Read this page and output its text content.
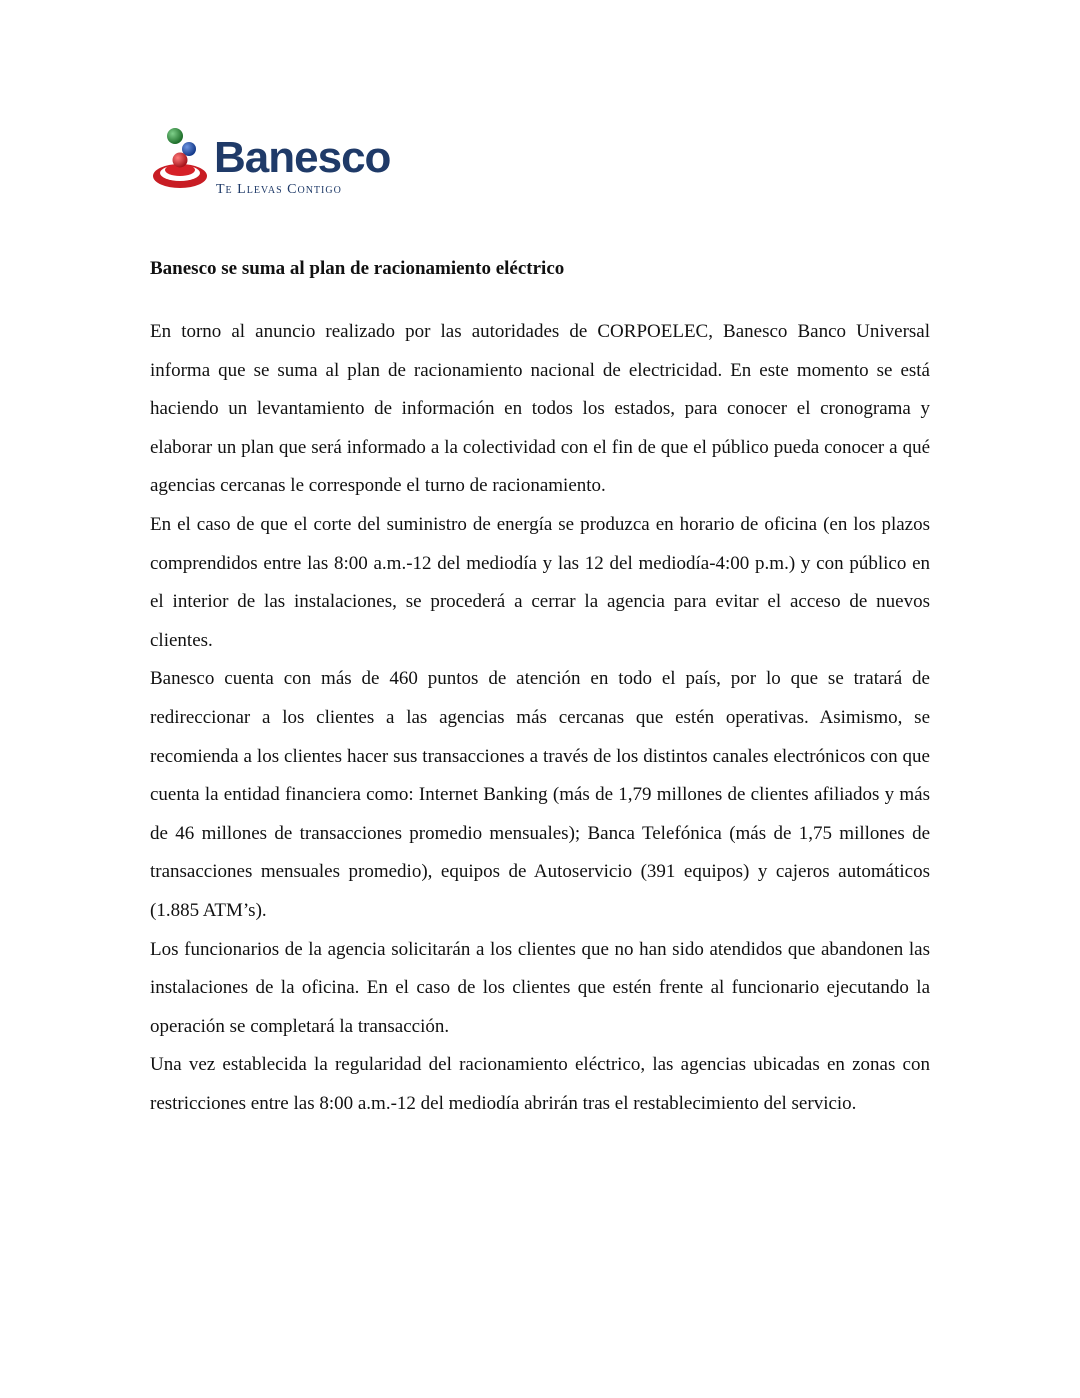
Banesco
Te Llevas Contigo
Banesco se suma al plan de racionamiento eléctrico

En torno al anuncio realizado por las autoridades de CORPOELEC, Banesco Banco Universal informa que se suma al plan de racionamiento nacional de electricidad. En este momento se está haciendo un levantamiento de información en todos los estados, para conocer el cronograma y elaborar un plan que será informado a la colectividad con el fin de que el público pueda conocer a qué agencias cercanas le corresponde el turno de racionamiento.

En el caso de que el corte del suministro de energía se produzca en horario de oficina (en los plazos comprendidos entre las 8:00 a.m.-12 del mediodía y las 12 del mediodía-4:00 p.m.) y con público en el interior de las instalaciones, se procederá a cerrar la agencia para evitar el acceso de nuevos clientes.

Banesco cuenta con más de 460 puntos de atención en todo el país, por lo que se tratará de redireccionar a los clientes a las agencias más cercanas que estén operativas. Asimismo, se recomienda a los clientes hacer sus transacciones a través de los distintos canales electrónicos con que cuenta la entidad financiera como: Internet Banking (más de 1,79 millones de clientes afiliados y más de 46 millones de transacciones promedio mensuales); Banca Telefónica (más de 1,75 millones de transacciones mensuales promedio), equipos de Autoservicio (391 equipos) y cajeros automáticos (1.885 ATM’s).

Los funcionarios de la agencia solicitarán a los clientes que no han sido atendidos que abandonen las instalaciones de la oficina. En el caso de los clientes que estén frente al funcionario ejecutando la operación se completará la transacción.

Una vez establecida la regularidad del racionamiento eléctrico, las agencias ubicadas en zonas con restricciones entre las 8:00 a.m.-12 del mediodía abrirán tras el restablecimiento del servicio.
